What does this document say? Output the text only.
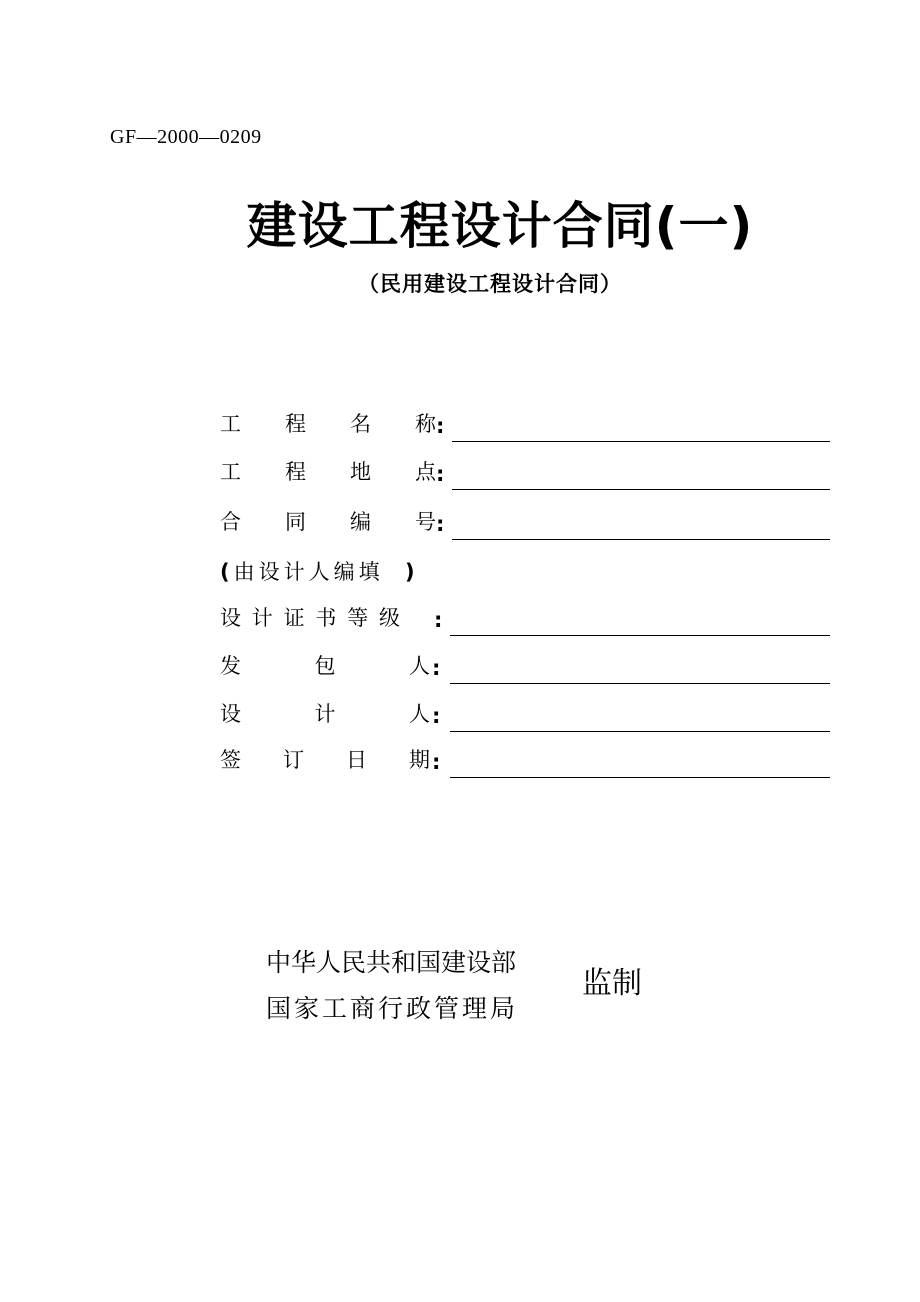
GF—2000—0209
建设工程设计合同(一)
（民用建设工程设计合同）
工 程 名 称 :
工 程 地 点 :
合 同 编 号 :
(由设计人编填 )
设 计 证 书 等 级 :
发	包	人 :
设	计	人 :
签 订 日 期 :
中华人民共和国建设部
国家工商行政管理局
监制
